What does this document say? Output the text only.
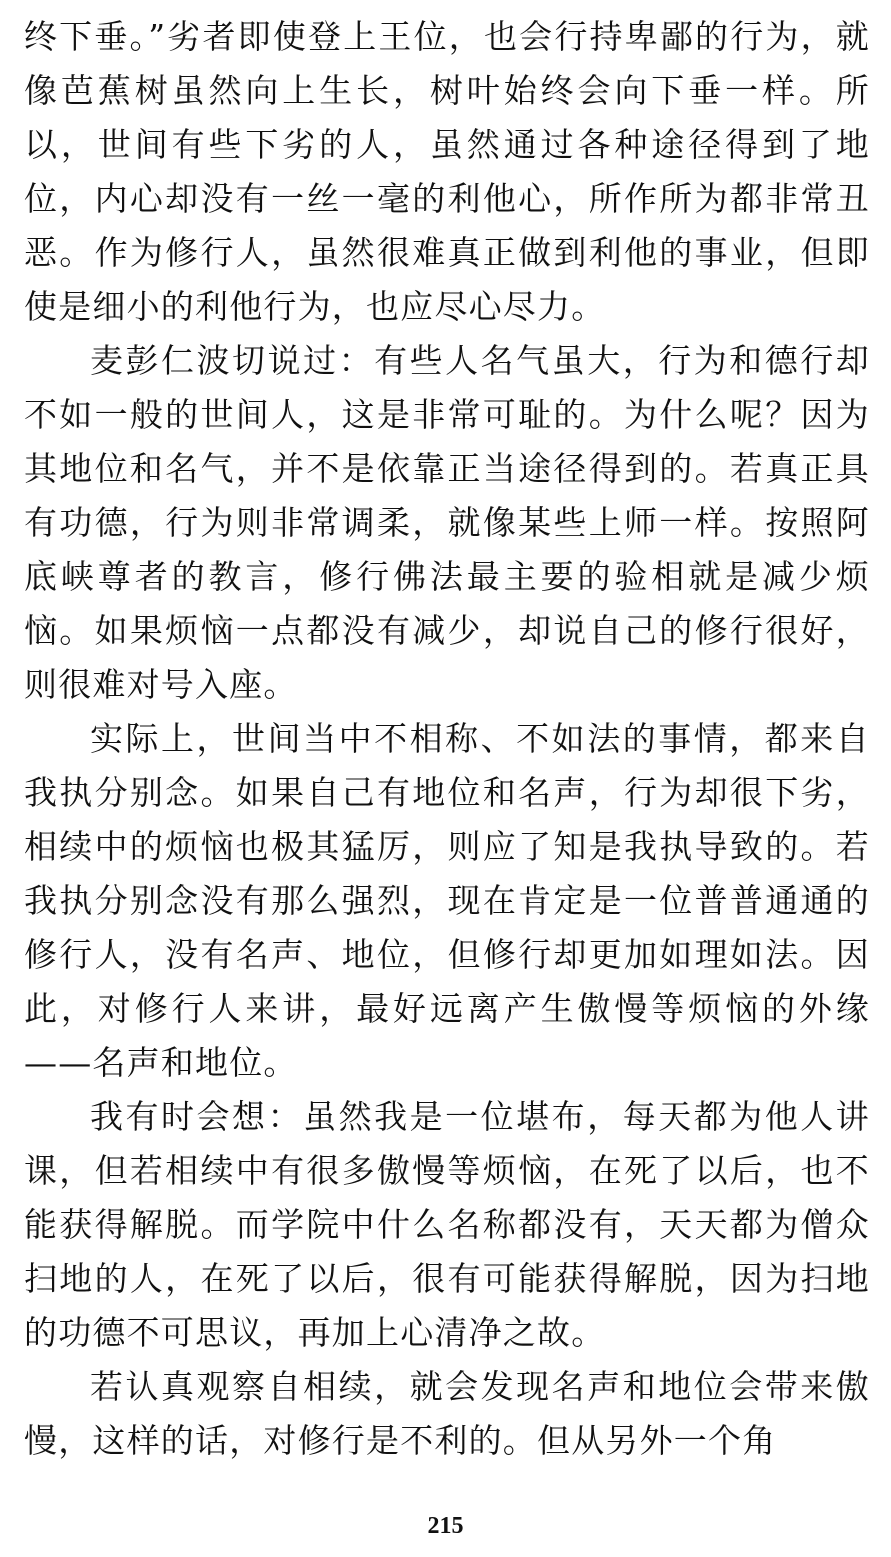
终下垂。”劣者即使登上王位，也会行持卑鄙的行为，就像芭蕉树虽然向上生长，树叶始终会向下垂一样。所以，世间有些下劣的人，虽然通过各种途径得到了地位，内心却没有一丝一毫的利他心，所作所为都非常丑恶。作为修行人，虽然很难真正做到利他的事业，但即使是细小的利他行为，也应尽心尽力。

麦彭仁波切说过：有些人名气虽大，行为和德行却不如一般的世间人，这是非常可耻的。为什么呢？因为其地位和名气，并不是依靠正当途径得到的。若真正具有功德，行为则非常调柔，就像某些上师一样。按照阿底峡尊者的教言，修行佛法最主要的验相就是减少烦恼。如果烦恼一点都没有减少，却说自己的修行很好，则很难对号入座。

实际上，世间当中不相称、不如法的事情，都来自我执分别念。如果自己有地位和名声，行为却很下劣，相续中的烦恼也极其猛厉，则应了知是我执导致的。若我执分别念没有那么强烈，现在肯定是一位普普通通的修行人，没有名声、地位，但修行却更加如理如法。因此，对修行人来讲，最好远离产生傲慢等烦恼的外缘——名声和地位。

我有时会想：虽然我是一位堪布，每天都为他人讲课，但若相续中有很多傲慢等烦恼，在死了以后，也不能获得解脱。而学院中什么名称都没有，天天都为僧众扫地的人，在死了以后，很有可能获得解脱，因为扫地的功德不可思议，再加上心清净之故。

若认真观察自相续，就会发现名声和地位会带来傲慢，这样的话，对修行是不利的。但从另外一个角

215
